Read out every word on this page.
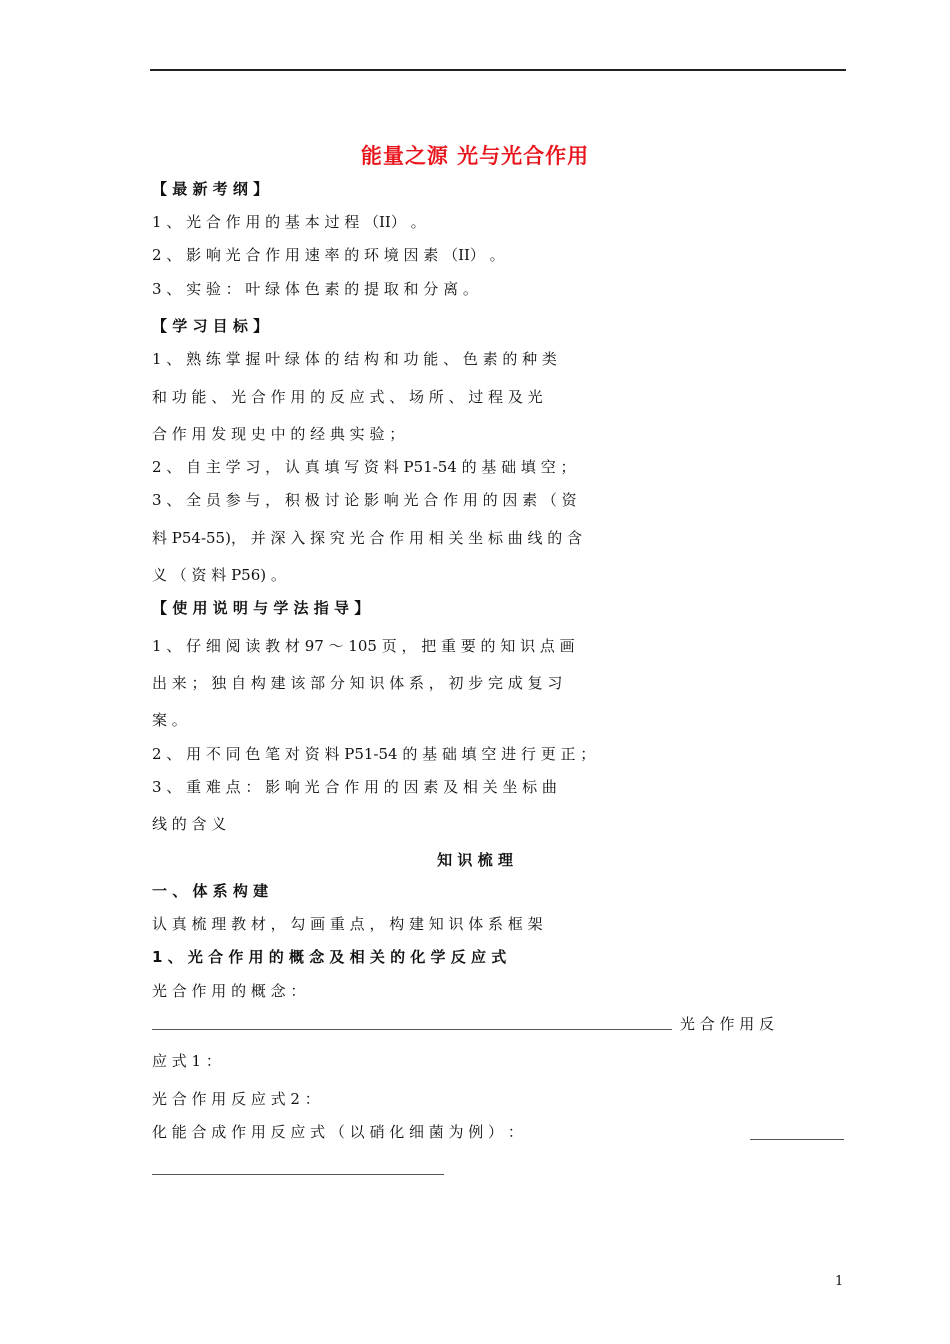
能量之源 光与光合作用
【 最 新 考 纲 】
1 、 光 合 作 用 的 基 本 过 程 （II） 。
2 、 影 响 光 合 作 用 速 率 的 环 境 因 素 （II） 。
3 、 实 验 ： 叶 绿 体 色 素 的 提 取 和 分 离 。
【 学 习 目 标 】
1 、 熟 练 掌 握 叶 绿 体 的 结 构 和 功 能 、 色 素 的 种 类
和 功 能 、 光 合 作 用 的 反 应 式 、 场 所 、 过 程 及 光
合 作 用 发 现 史 中 的 经 典 实 验 ；
2 、 自 主 学 习 ， 认 真 填 写 资 料 P51-54 的 基 础 填 空 ；
3 、 全 员 参 与 ， 积 极 讨 论 影 响 光 合 作 用 的 因 素 （ 资
料 P54-55)， 并 深 入 探 究 光 合 作 用 相 关 坐 标 曲 线 的 含
义 （ 资 料 P56) 。
【 使 用 说 明 与 学 法 指 导 】
1 、 仔 细 阅 读 教 材 97 ～ 105 页 ， 把 重 要 的 知 识 点 画
出 来 ； 独 自 构 建 该 部 分 知 识 体 系 ， 初 步 完 成 复 习
案 。
2 、 用 不 同 色 笔 对 资 料 P51-54 的 基 础 填 空 进 行 更 正 ；
3 、 重 难 点 ： 影 响 光 合 作 用 的 因 素 及 相 关 坐 标 曲
线 的 含 义
知 识 梳 理
一 、 体 系 构 建
认 真 梳 理 教 材 ， 勾 画 重 点 ， 构 建 知 识 体 系 框 架
1 、 光 合 作 用 的 概 念 及 相 关 的 化 学 反 应 式
光 合 作 用 的 概 念 ：
光 合 作 用 反
应 式 1 ：
光 合 作 用 反 应 式 2 ：
化 能 合 成 作 用 反 应 式 （ 以 硝 化 细 菌 为 例 ） ：
1
